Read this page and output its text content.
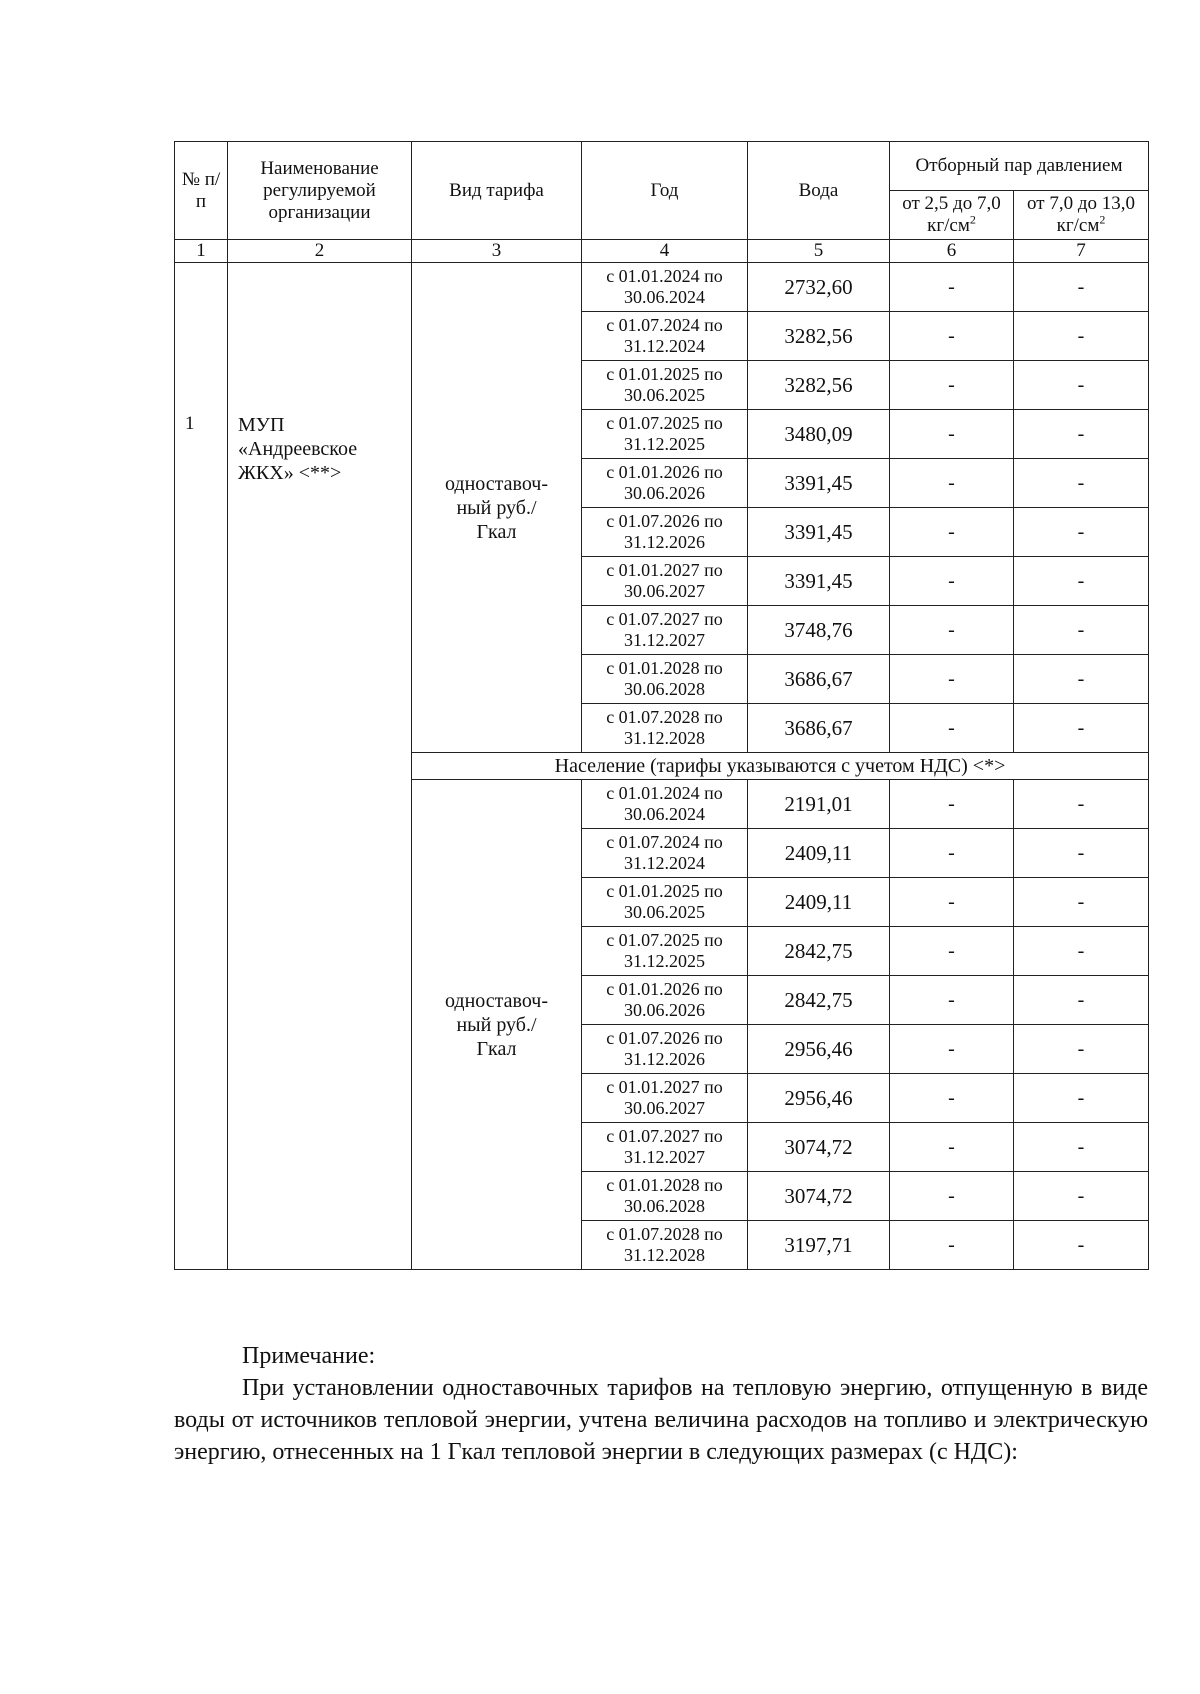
№ п/п	Наименование регулируемой организации	Вид тарифа	Год	Вода	Отборный пар давлением	
					от 2,5 до 7,0 $кг/см^2$	от 7,0 до 13,0 $кг/см^2$
1	2	3	4	5	6	7

1	МУП «Андреевское ЖКХ» <**>	одноставоч-ный руб./Гкал	с 01.01.2024 по 30.06.2024	2732,60	-	-
			с 01.07.2024 по 31.12.2024	3282,56	-	-
			с 01.01.2025 по 30.06.2025	3282,56	-	-
			с 01.07.2025 по 31.12.2025	3480,09	-	-
			с 01.01.2026 по 30.06.2026	3391,45	-	-
			с 01.07.2026 по 31.12.2026	3391,45	-	-
			с 01.01.2027 по 30.06.2027	3391,45	-	-
			с 01.07.2027 по 31.12.2027	3748,76	-	-
			с 01.01.2028 по 30.06.2028	3686,67	-	-
			с 01.07.2028 по 31.12.2028	3686,67	-	-
		Население (тарифы указываются с учетом НДС) <*>				

		одноставоч-ный руб./Гкал	с 01.01.2024 по 30.06.2024	2191,01	-	-
			с 01.07.2024 по 31.12.2024	2409,11	-	-
			с 01.01.2025 по 30.06.2025	2409,11	-	-
			с 01.07.2025 по 31.12.2025	2842,75	-	-
			с 01.01.2026 по 30.06.2026	2842,75	-	-
			с 01.07.2026 по 31.12.2026	2956,46	-	-
			с 01.01.2027 по 30.06.2027	2956,46	-	-
			с 01.07.2027 по 31.12.2027	3074,72	-	-
			с 01.01.2028 по 30.06.2028	3074,72	-	-
			с 01.07.2028 по 31.12.2028	3197,71	-	-
Примечание:

При установлении одноставочных тарифов на тепловую энергию, отпущенную в виде воды от источников тепловой энергии, учтена величина расходов на топливо и электрическую энергию, отнесенных на 1 Гкал тепловой энергии в следующих размерах (с НДС):
